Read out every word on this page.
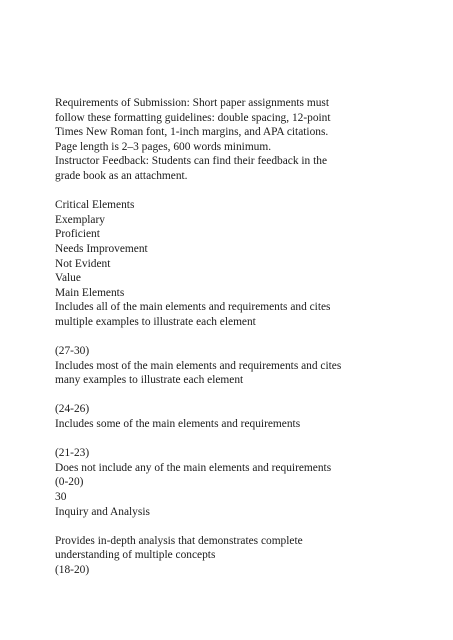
Requirements of Submission: Short paper assignments must
follow these formatting guidelines: double spacing, 12-point
Times New Roman font, 1-inch margins, and APA citations.
Page length is 2–3 pages, 600 words minimum.
Instructor Feedback: Students can find their feedback in the
grade book as an attachment.
Critical Elements
Exemplary
Proficient
Needs Improvement
Not Evident
Value
Main Elements
Includes all of the main elements and requirements and cites
multiple examples to illustrate each element
(27-30)
Includes most of the main elements and requirements and cites
many examples to illustrate each element
(24-26)
Includes some of the main elements and requirements
(21-23)
Does not include any of the main elements and requirements
(0-20)
30
Inquiry and Analysis
Provides in-depth analysis that demonstrates complete
understanding of multiple concepts
(18-20)
